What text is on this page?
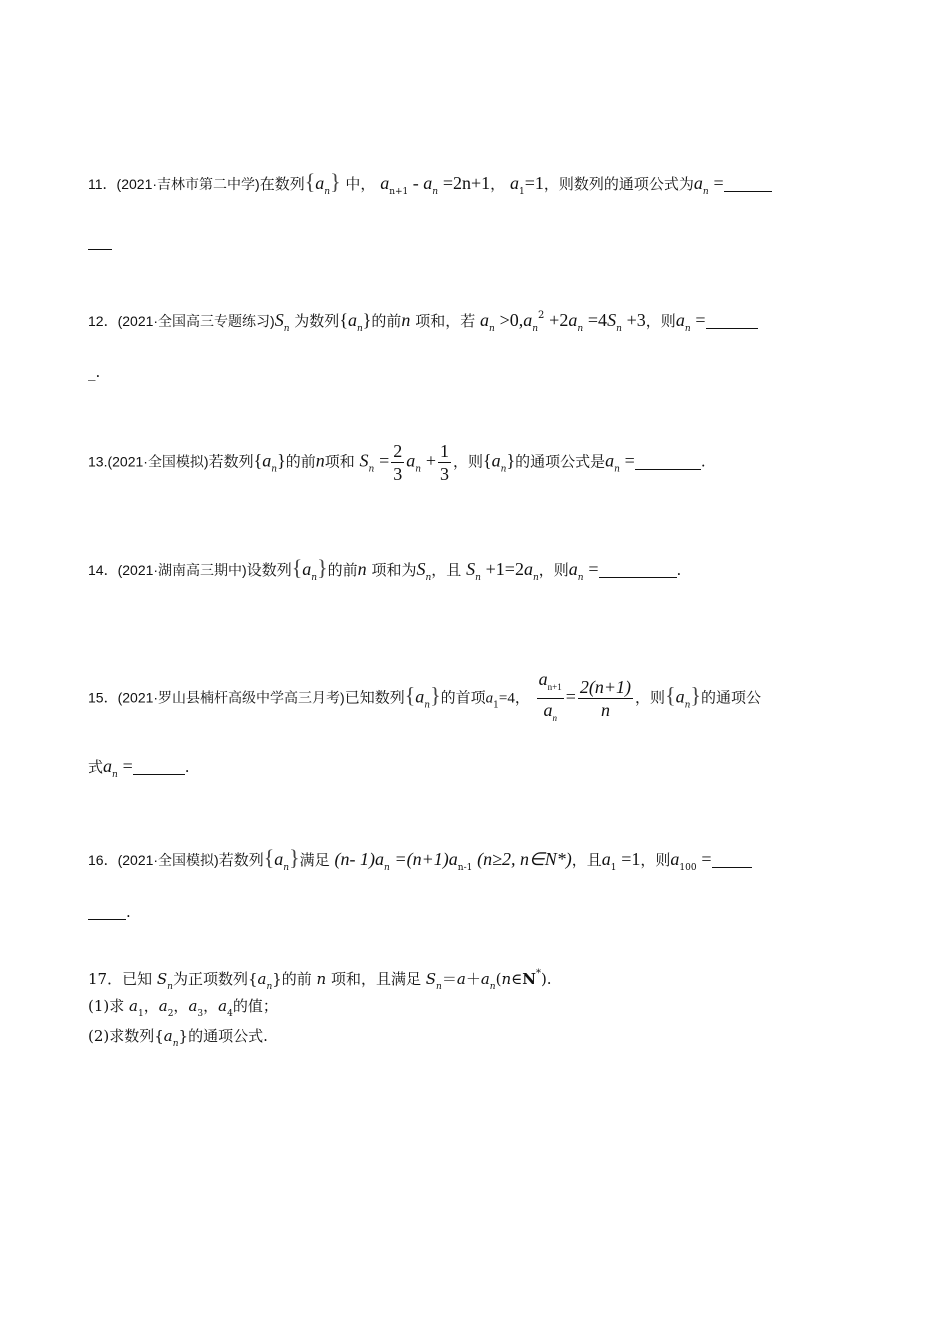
11．(2021·吉林市第二中学)在数列$\{a_n\}$ 中， $a_{n+1} - a_n =2n+1$， $a_1=1$，则数列的通项公式为$a_n$ =
12．(2021·全国高三专题练习)$S_n$ 为数列$\{a_n\}$的前n 项和，若 $a_n >0,a_n^2 +2a_n =4S_n +3$，则$a_n$ =
_.
13.(2021·全国模拟)若数列$\{a_n\}$的前n项和 $S_n = \frac{2}{3} a_n + \frac{1}{3}$ ，则$\{a_n\}$的通项公式是$a_n$ =	.
14．(2021·湖南高三期中)设数列$\{a_n\}$的前n 项和为$S_n$，且 $S_n +1=2a_n$，则$a_n$ =	.
15．(2021·罗山县楠杆高级中学高三月考)已知数列$\{a_n\}$的首项$a_1=4$， $\frac{a_{n+1}}{a_n} = \frac{2(n+1)}{n}$ ，则$\{a_n\}$的通项公
式$a_n$ =	.
16．(2021·全国模拟)若数列$\{a_n\}$满足 (n- $1)a_n =(n+1)a_{n-1}$ (n≥2, n∈N*)，且$a_1 =1$，则$a_{100}$ =
.
17．已知 $S_n$为正项数列$\{a_n\}$的前 n 项和，且满足 $S_n=a+a_n(n\in N^*)$.
(1)求 $a_1$，$a_2$，$a_3$，$a_4$的值；
(2)求数列$\{a_n\}$的通项公式.
